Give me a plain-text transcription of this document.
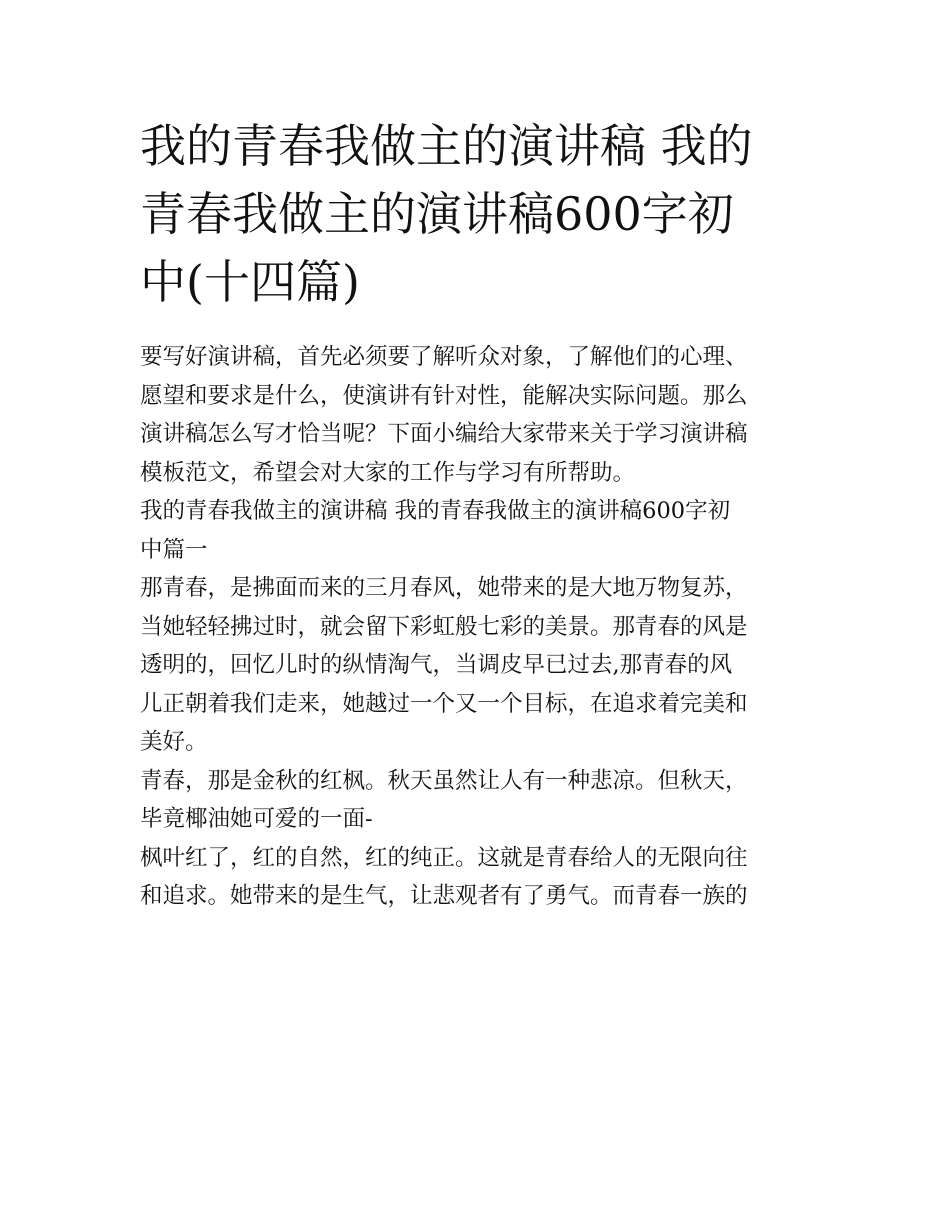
我的青春我做主的演讲稿 我的
青春我做主的演讲稿600字初
中(十四篇)

要写好演讲稿，首先必须要了解听众对象，了解他们的心理、
愿望和要求是什么，使演讲有针对性，能解决实际问题。那么
演讲稿怎么写才恰当呢？下面小编给大家带来关于学习演讲稿
模板范文，希望会对大家的工作与学习有所帮助。

我的青春我做主的演讲稿 我的青春我做主的演讲稿600字初
中篇一

那青春，是拂面而来的三月春风，她带来的是大地万物复苏，
当她轻轻拂过时，就会留下彩虹般七彩的美景。那青春的风是
透明的，回忆儿时的纵情淘气，当调皮早已过去,那青春的风
儿正朝着我们走来，她越过一个又一个目标，在追求着完美和
美好。

青春，那是金秋的红枫。秋天虽然让人有一种悲凉。但秋天，
毕竟椰油她可爱的一面-

枫叶红了，红的自然，红的纯正。这就是青春给人的无限向往
和追求。她带来的是生气，让悲观者有了勇气。而青春一族的
